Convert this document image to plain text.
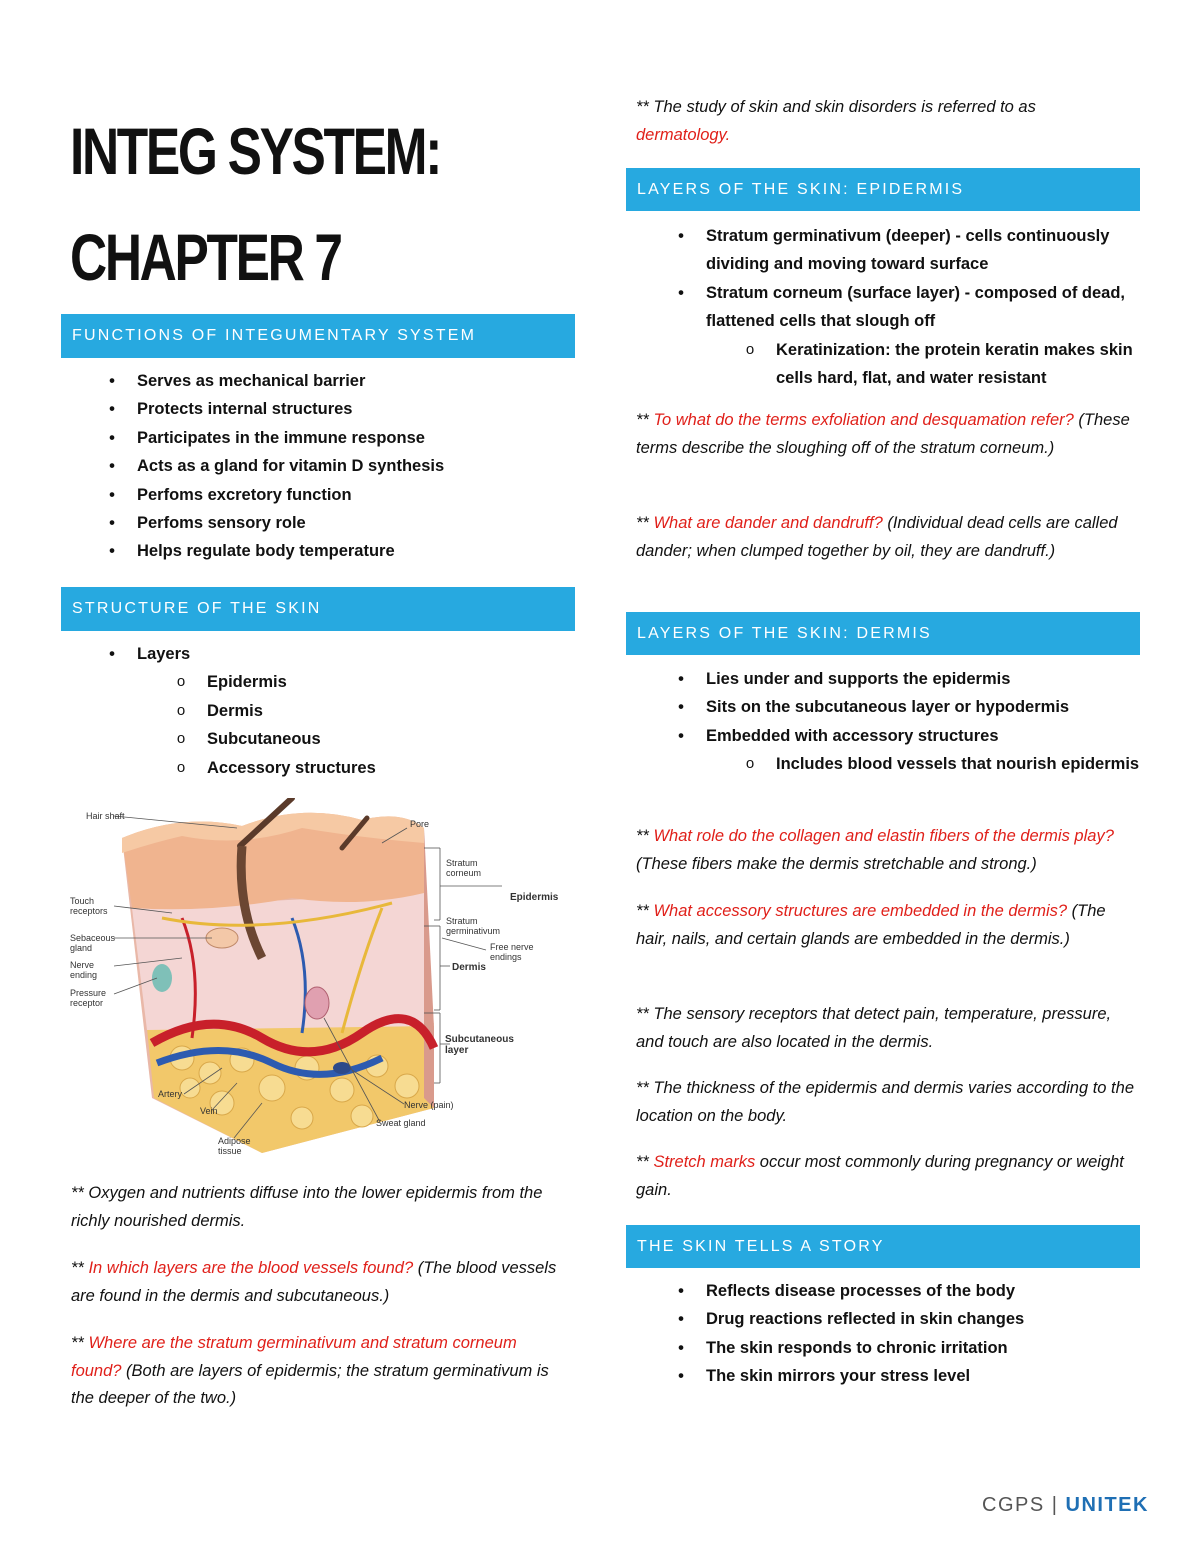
INTEG SYSTEM:
CHAPTER 7
FUNCTIONS OF INTEGUMENTARY SYSTEM
• Serves as mechanical barrier
• Protects internal structures
• Participates in the immune response
• Acts as a gland for vitamin D synthesis
• Perfoms excretory function
• Perfoms sensory role
• Helps regulate body temperature
STRUCTURE OF THE SKIN
• Layers
o Epidermis
o Dermis
o Subcutaneous
o Accessory structures
Hair shaft
Pore
Stratum
corneum
Epidermis
Touch
receptors
Stratum
germinativum
Sebaceous
gland	Free nerve
endings
Nerve
ending
Dermis
Pressure
receptor
Subcutaneous
layer
Artery
Nerve (pain)
Vein
Sweat gland
Adipose
tissue

** Oxygen and nutrients diffuse into the lower epidermis from the richly nourished dermis.

** In which layers are the blood vessels found? (The blood vessels are found in the dermis and subcutaneous.)

** Where are the stratum germinativum and stratum corneum found? (Both are layers of epidermis; the stratum germinativum is the deeper of the two.)

** The study of skin and skin disorders is referred to as dermatology.

LAYERS OF THE SKIN: EPIDERMIS
• Stratum germinativum (deeper) - cells continuously dividing and moving toward surface
• Stratum corneum (surface layer) - composed of dead, flattened cells that slough off
o Keratinization: the protein keratin makes skin cells hard, flat, and water resistant

** To what do the terms exfoliation and desquamation refer? (These terms describe the sloughing off of the stratum corneum.)

** What are dander and dandruff? (Individual dead cells are called dander; when clumped together by oil, they are dandruff.)

LAYERS OF THE SKIN: DERMIS
• Lies under and supports the epidermis
• Sits on the subcutaneous layer or hypodermis
• Embedded with accessory structures
o Includes blood vessels that nourish epidermis

** What role do the collagen and elastin fibers of the dermis play? (These fibers make the dermis stretchable and strong.)

** What accessory structures are embedded in the dermis? (The hair, nails, and certain glands are embedded in the dermis.)

** The sensory receptors that detect pain, temperature, pressure, and touch are also located in the dermis.

** The thickness of the epidermis and dermis varies according to the location on the body.

** Stretch marks occur most commonly during pregnancy or weight gain.

THE SKIN TELLS A STORY
• Reflects disease processes of the body
• Drug reactions reflected in skin changes
• The skin responds to chronic irritation
• The skin mirrors your stress level
CGPS | UNITEK
